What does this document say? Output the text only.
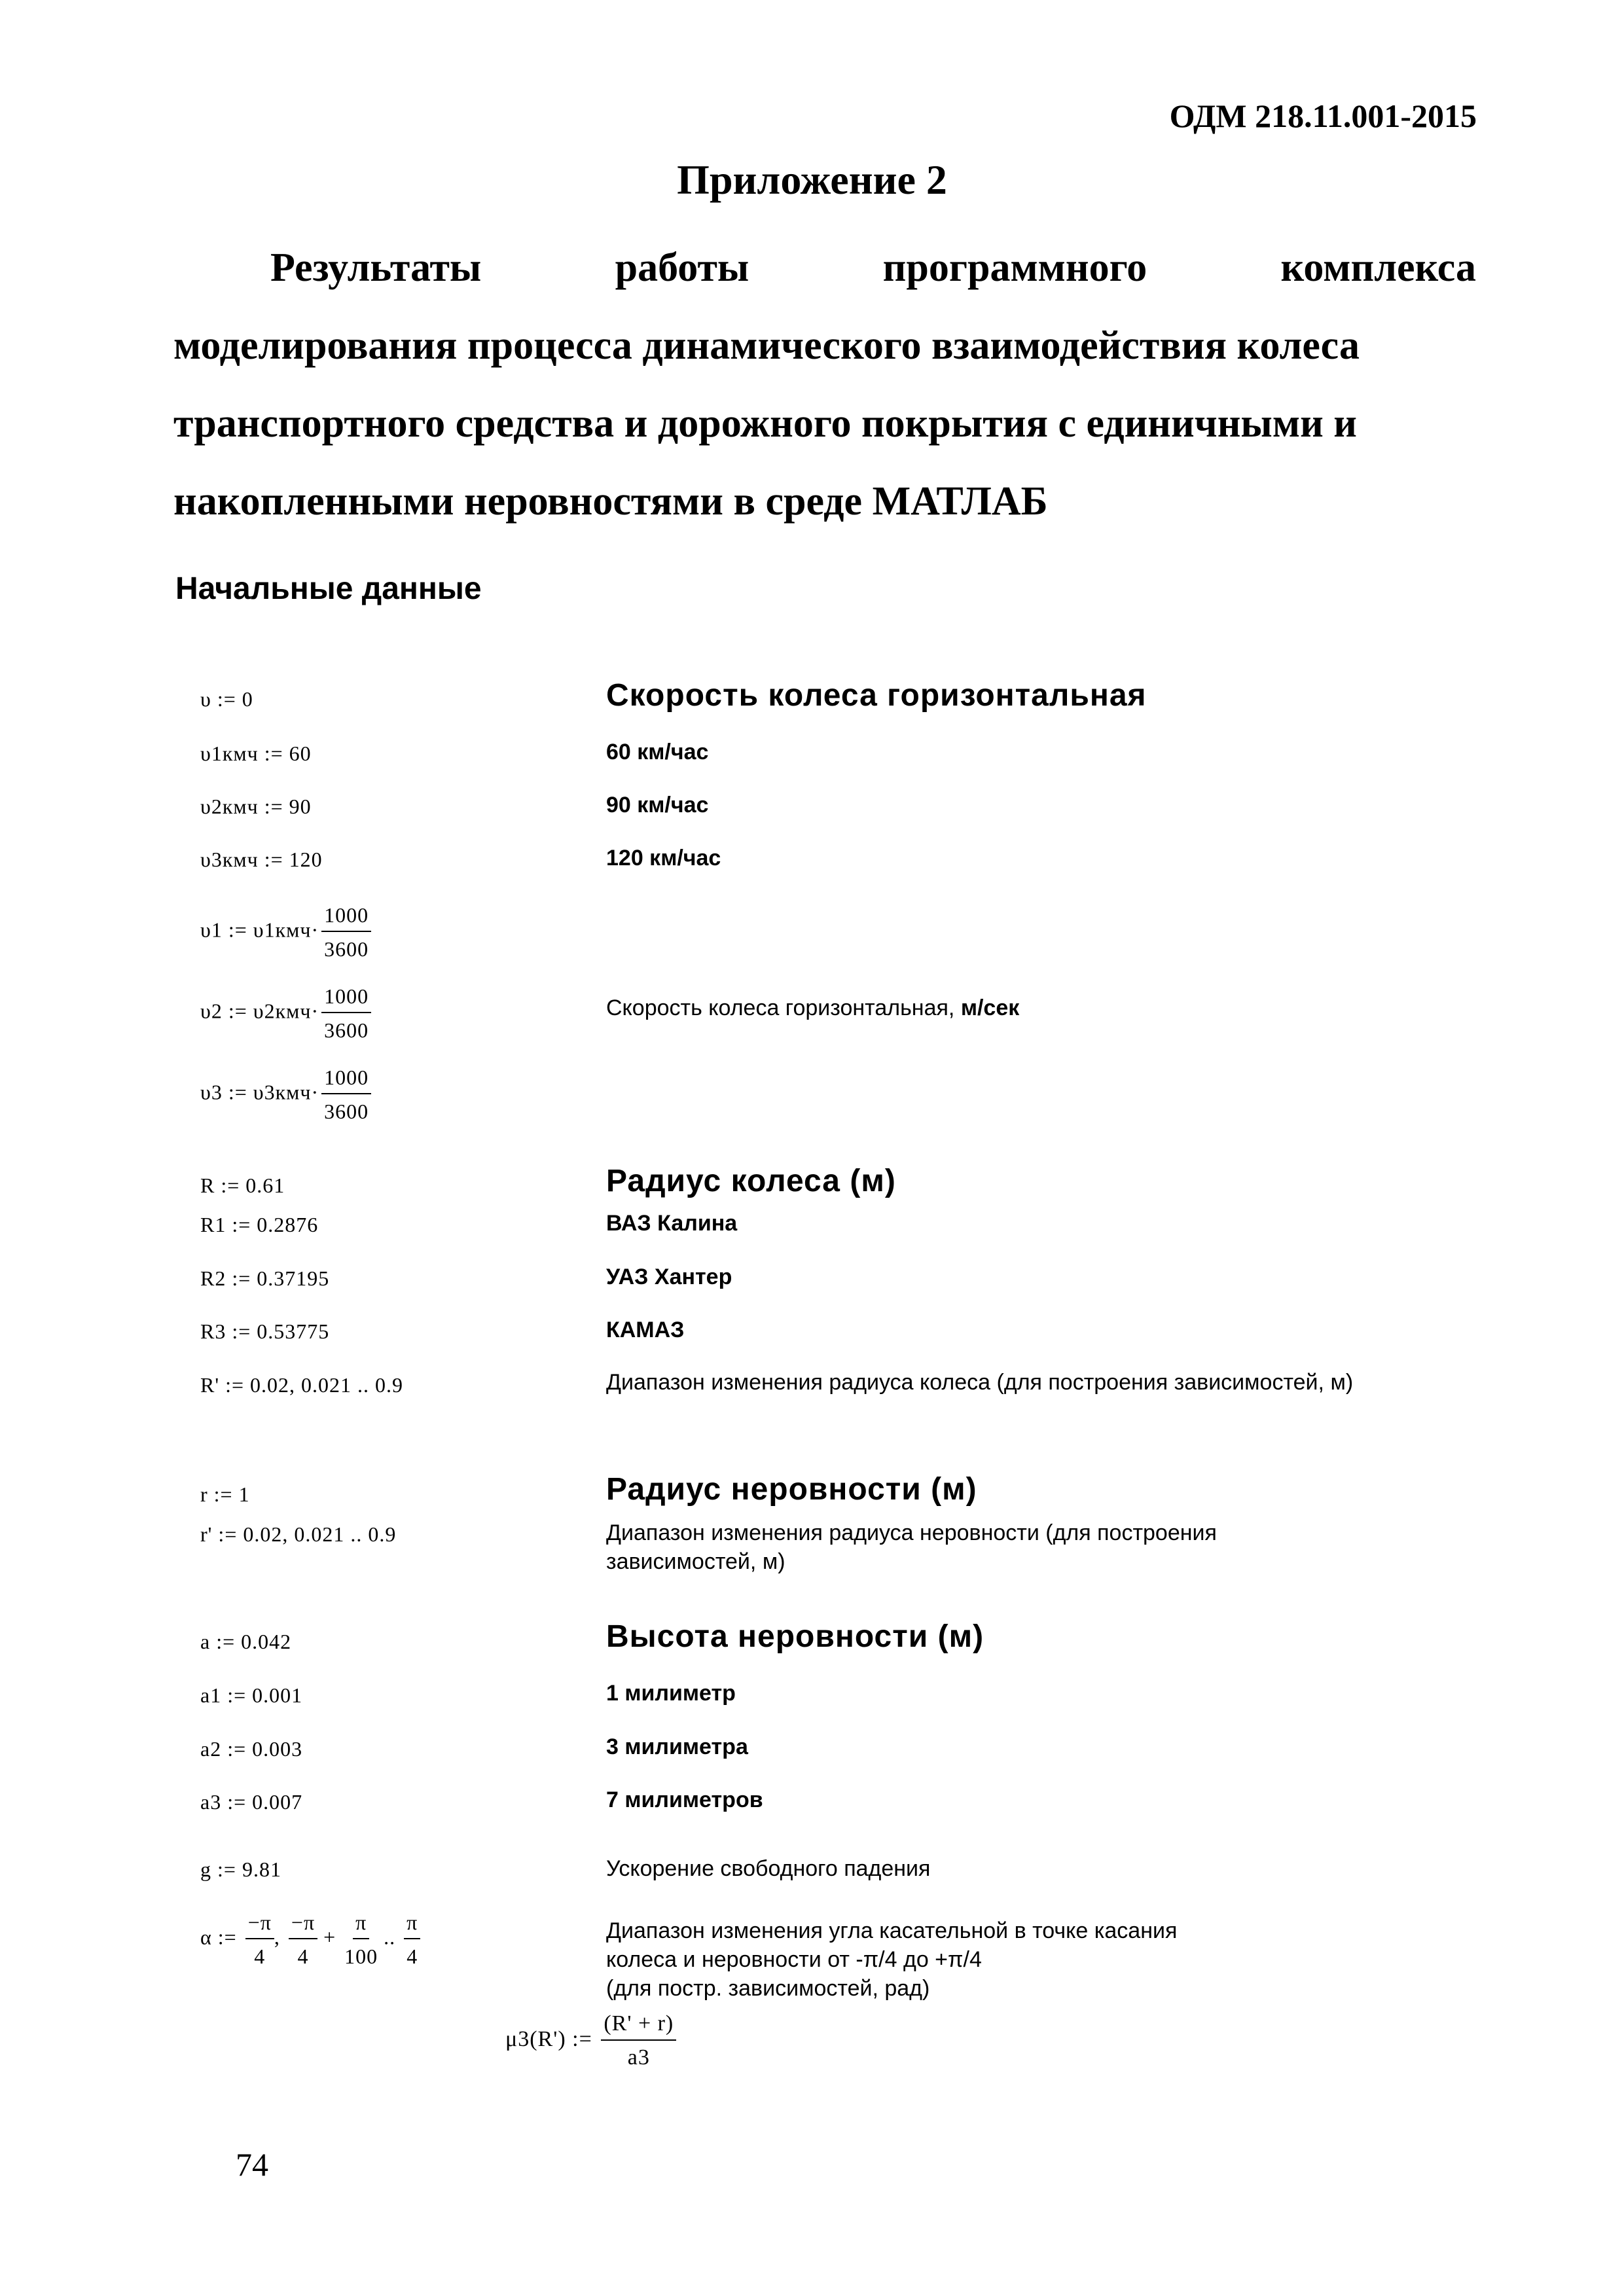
ОДМ 218.11.001-2015
Приложение 2
Результаты	работы	программного	комплекса
моделирования процесса динамического взаимодействия колеса транспортного средства и дорожного покрытия с единичными и накопленными неровностями в среде МАТЛАБ
Начальные данные
υ := 0	Скорость колеса горизонтальная
υ1кмч := 60	60 км/час
υ2кмч := 90	90 км/час
υ3кмч := 120	120 км/час
υ1 := $\upsilon 1кмч\cdot \frac{1000}{3600}$
υ2 := $\upsilon 2кмч\cdot \frac{1000}{3600}$	Скорость колеса горизонтальная, м/сек
υ3 := $\upsilon 3кмч\cdot \frac{1000}{3600}$
R := 0.61	Радиус колеса (м)
R1 := 0.2876	ВАЗ Калина
R2 := 0.37195	УАЗ Хантер
R3 := 0.53775	КАМАЗ
R' := 0.02, 0.021 .. 0.9	Диапазон изменения радиуса колеса (для построения зависимостей, м)
r := 1	Радиус неровности (м)
r' := 0.02, 0.021 .. 0.9	Диапазон изменения радиуса неровности (для построения зависимостей, м)
a := 0.042	Высота неровности (м)
a1 := 0.001	1 милиметр
a2 := 0.003	3 милиметра
a3 := 0.007	7 милиметров
g := 9.81	Ускорение свободного падения
α := $\frac{-\pi}{4}$ , $\frac{-\pi}{4} + \frac{\pi}{100}$ .. $\frac{\pi}{4}$	Диапазон изменения угла касательной в точке касания
колеса и неровности от -π/4 до +π/4
(для постр. зависимостей, рад)
μ3(R') := $\frac{(R' + r)}{a3}$
74
